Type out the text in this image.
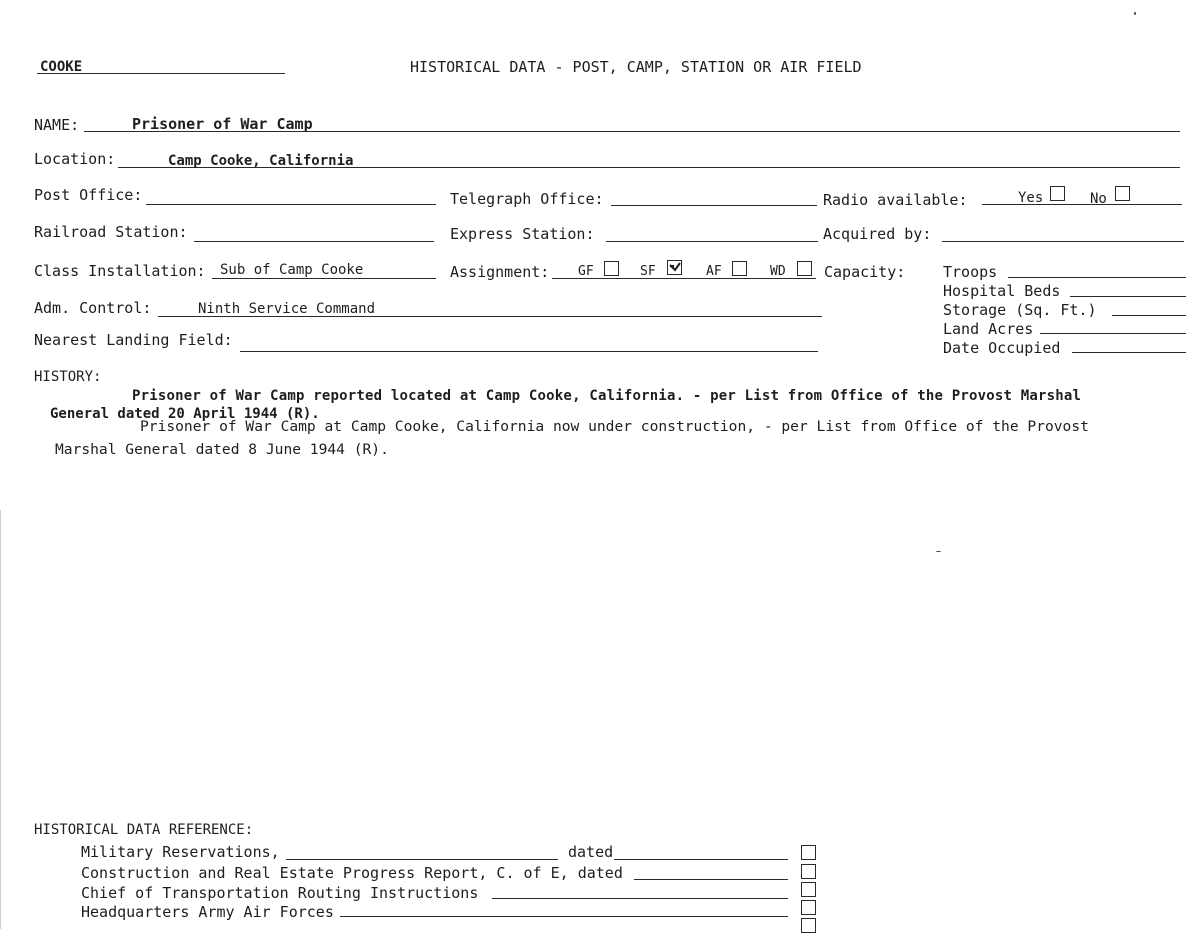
COOKE	HISTORICAL DATA - POST, CAMP, STATION OR AIR FIELD
NAME:	Prisoner of War Camp
Location:	Camp Cooke, California
Post Office:	Telegraph Office:	Radio available:	Yes	No
Railroad Station:	Express Station:	Acquired by:
Class Installation: Sub of Camp Cooke	Assignment: GF	SF	AF	WD	Capacity:	Troops
Hospital Beds
Storage (Sq. Ft.)
Land Acres
Date Occupied
Adm. Control:	Ninth Service Command
Nearest Landing Field:
HISTORY:
Prisoner of War Camp reported located at Camp Cooke, California. - per List from Office of the Provost Marshal
General dated 20 April 1944 (R).
Prisoner of War Camp at Camp Cooke, California now under construction, - per List from Office of the Provost
Marshal General dated 8 June 1944 (R).
HISTORICAL DATA REFERENCE:
Military Reservations,	dated
Construction and Real Estate Progress Report, C. of E, dated
Chief of Transportation Routing Instructions
Headquarters Army Air Forces
